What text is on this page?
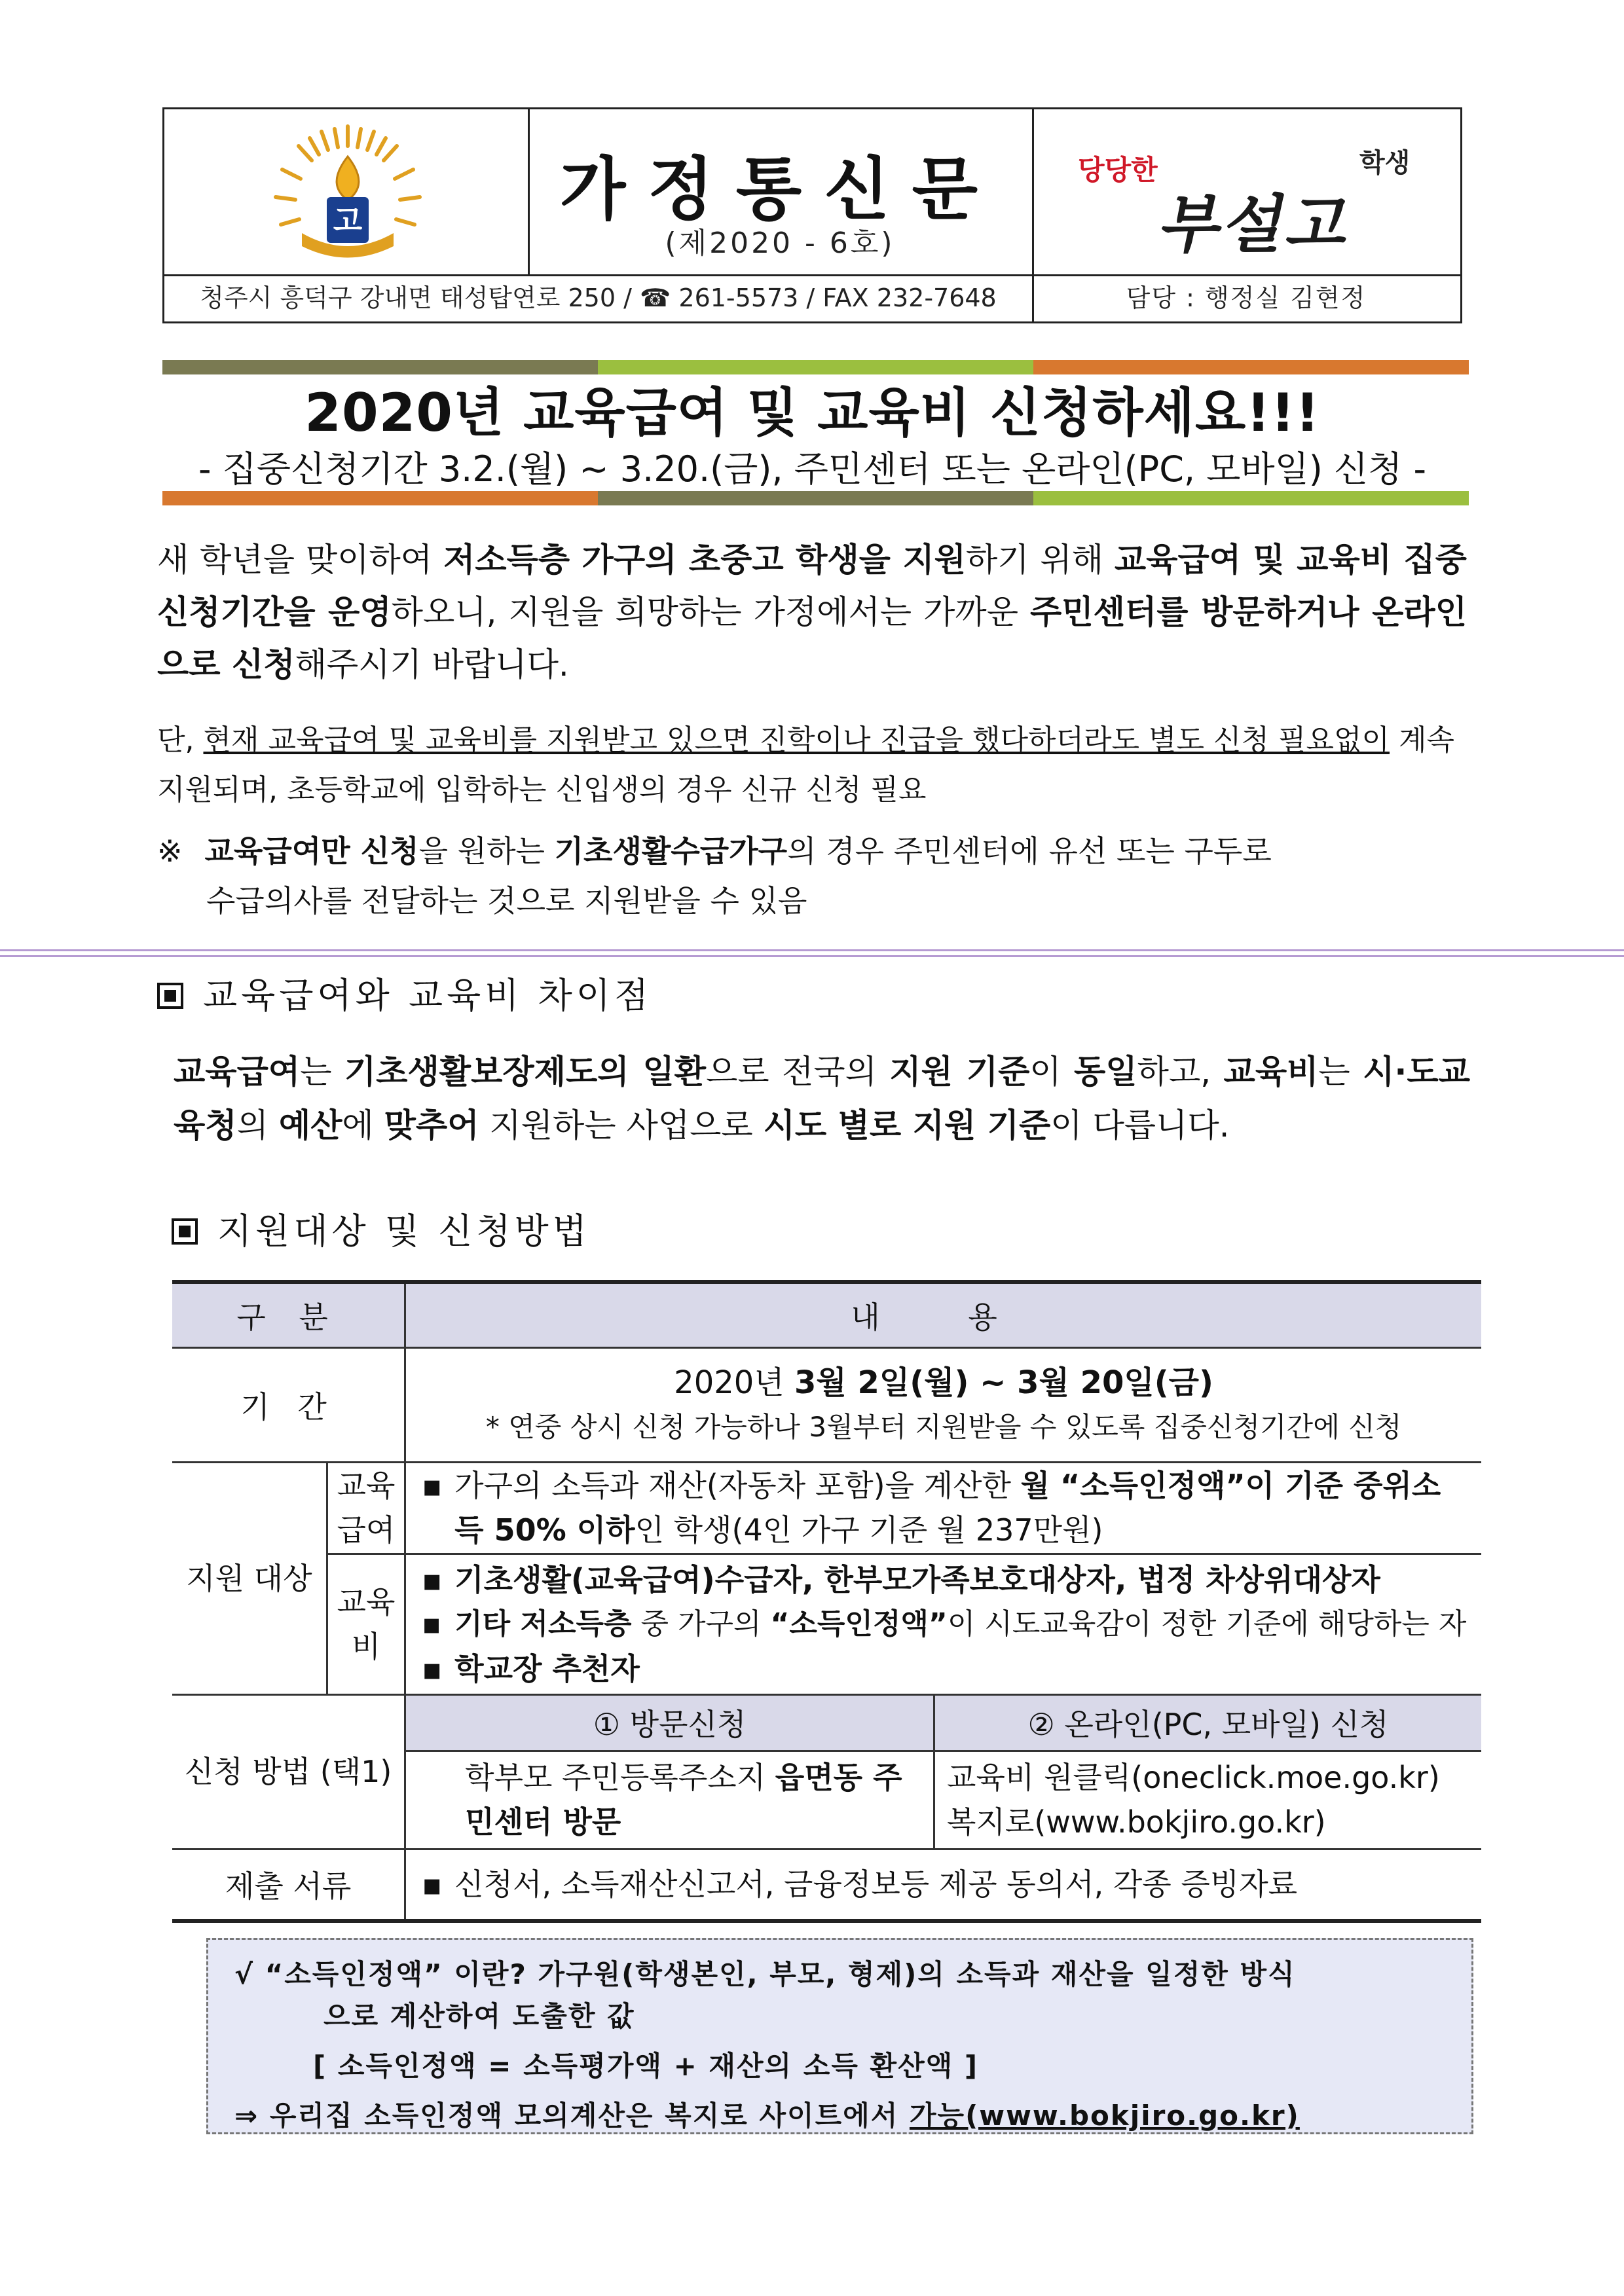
고	가정통신문
(제2020 - 6호)
당당한	학생
부설고
청주시 흥덕구 강내면 태성탑연로 250 / ☎ 261-5573 / FAX 232-7648	담당 : 행정실 김현정
2020년 교육급여 및 교육비 신청하세요!!!
- 집중신청기간 3.2.(월) ~ 3.20.(금), 주민센터 또는 온라인(PC, 모바일) 신청 -
새 학년을 맞이하여 저소득층 가구의 초중고 학생을 지원하기 위해 교육급여 및 교육비 집중신청기간을 운영하오니, 지원을 희망하는 가정에서는 가까운 주민센터를 방문하거나 온라인으로 신청해주시기 바랍니다.
단, 현재 교육급여 및 교육비를 지원받고 있으면 진학이나 진급을 했다하더라도 별도 신청 필요없이 계속 지원되며, 초등학교에 입학하는 신입생의 경우 신규 신청 필요
※ 교육급여만 신청을 원하는 기초생활수급가구의 경우 주민센터에 유선 또는 구두로
수급의사를 전달하는 것으로 지원받을 수 있음
교육급여와 교육비 차이점
교육급여는 기초생활보장제도의 일환으로 전국의 지원 기준이 동일하고, 교육비는 시·도교육청의 예산에 맞추어 지원하는 사업으로 시도 별로 지원 기준이 다릅니다.
지원대상 및 신청방법
구 분		내 용	
기 간		2020년 3월 2일(월) ~ 3월 20일(금)
* 연중 상시 신청 가능하나 3월부터 지원받을 수 있도록 집중신청기간에 신청	

지원 대상	교육 급여	▪ 가구의 소득과 재산(자동차 포함)을 계산한 월 “소득인정액”이 기준 중위소득 50% 이하인 학생(4인 가구 기준 월 237만원)

	교육 비	▪ 기초생활(교육급여)수급자, 한부모가족보호대상자, 법정 차상위대상자
▪ 기타 저소득층 중 가구의 “소득인정액”이 시도교육감이 정한 기준에 해당하는 자
▪ 학교장 추천자

신청 방법 (택1)		① 방문신청	② 온라인(PC, 모바일) 신청
		학부모 주민등록주소지 읍면동 주민센터 방문	교육비 원클릭(oneclick.moe.go.kr)
복지로(www.bokjiro.go.kr)

제출 서류		▪ 신청서, 소득재산신고서, 금융정보등 제공 동의서, 각종 증빙자료
√ “소득인정액” 이란? 가구원(학생본인, 부모, 형제)의 소득과 재산을 일정한 방식
으로 계산하여 도출한 값
[ 소득인정액 = 소득평가액 + 재산의 소득 환산액 ]
⇒ 우리집 소득인정액 모의계산은 복지로 사이트에서 가능(www.bokjiro.go.kr)
